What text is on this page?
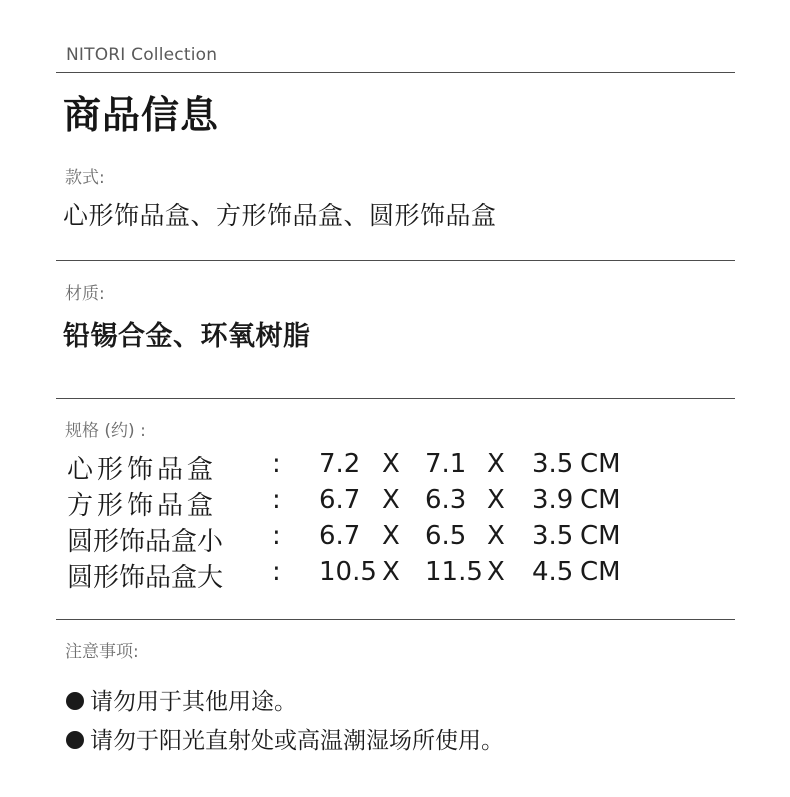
NITORI Collection
商品信息
款式:
心形饰品盒、方形饰品盒、圆形饰品盒
材质:
铅锡合金、环氧树脂
规格 (约) :
心形饰品盒 : 7.2 X 7.1 X 3.5 CM
方形饰品盒 : 6.7 X 6.3 X 3.9 CM
圆形饰品盒小 : 6.7 X 6.5 X 3.5 CM
圆形饰品盒大 : 10.5 X 11.5 X 4.5 CM
注意事项:
请勿用于其他用途。
请勿于阳光直射处或高温潮湿场所使用。
